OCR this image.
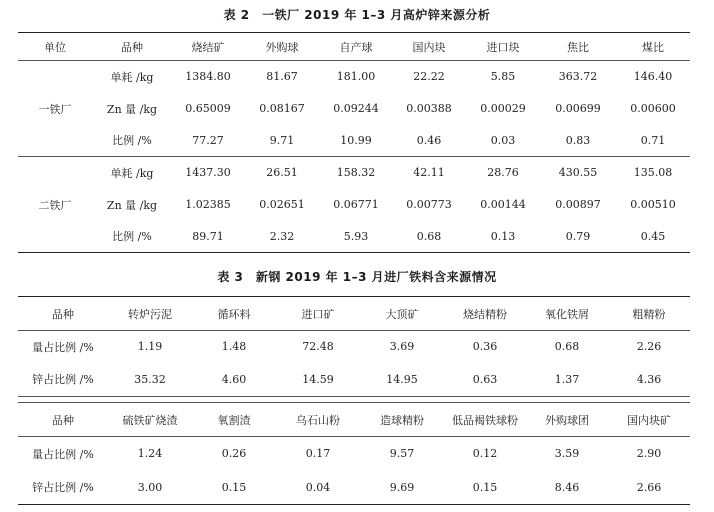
表 2　一铁厂 2019 年 1–3 月高炉锌来源分析
单位	品种	烧结矿	外购球	自产球	国内块	进口块	焦比	煤比
一铁厂	单耗 /kg	1384.80	81.67	181.00	22.22	5.85	363.72	146.40
	Zn 量 /kg	0.65009	0.08167	0.09244	0.00388	0.00029	0.00699	0.00600
	比例 /%	77.27	9.71	10.99	0.46	0.03	0.83	0.71
二铁厂	单耗 /kg	1437.30	26.51	158.32	42.11	28.76	430.55	135.08
	Zn 量 /kg	1.02385	0.02651	0.06771	0.00773	0.00144	0.00897	0.00510
	比例 /%	89.71	2.32	5.93	0.68	0.13	0.79	0.45
表 3　新钢 2019 年 1–3 月进厂铁料含来源情况
品种	转炉污泥	循环料	进口矿	大顶矿	烧结精粉	氧化铁屑	粗精粉
量占比例 /%	1.19	1.48	72.48	3.69	0.36	0.68	2.26
锌占比例 /%	35.32	4.60	14.59	14.95	0.63	1.37	4.36
品种	硫铁矿烧渣	氧割渣	乌石山粉	造球精粉	低品褐铁球粉	外购球团	国内块矿
量占比例 /%	1.24	0.26	0.17	9.57	0.12	3.59	2.90
锌占比例 /%	3.00	0.15	0.04	9.69	0.15	8.46	2.66
